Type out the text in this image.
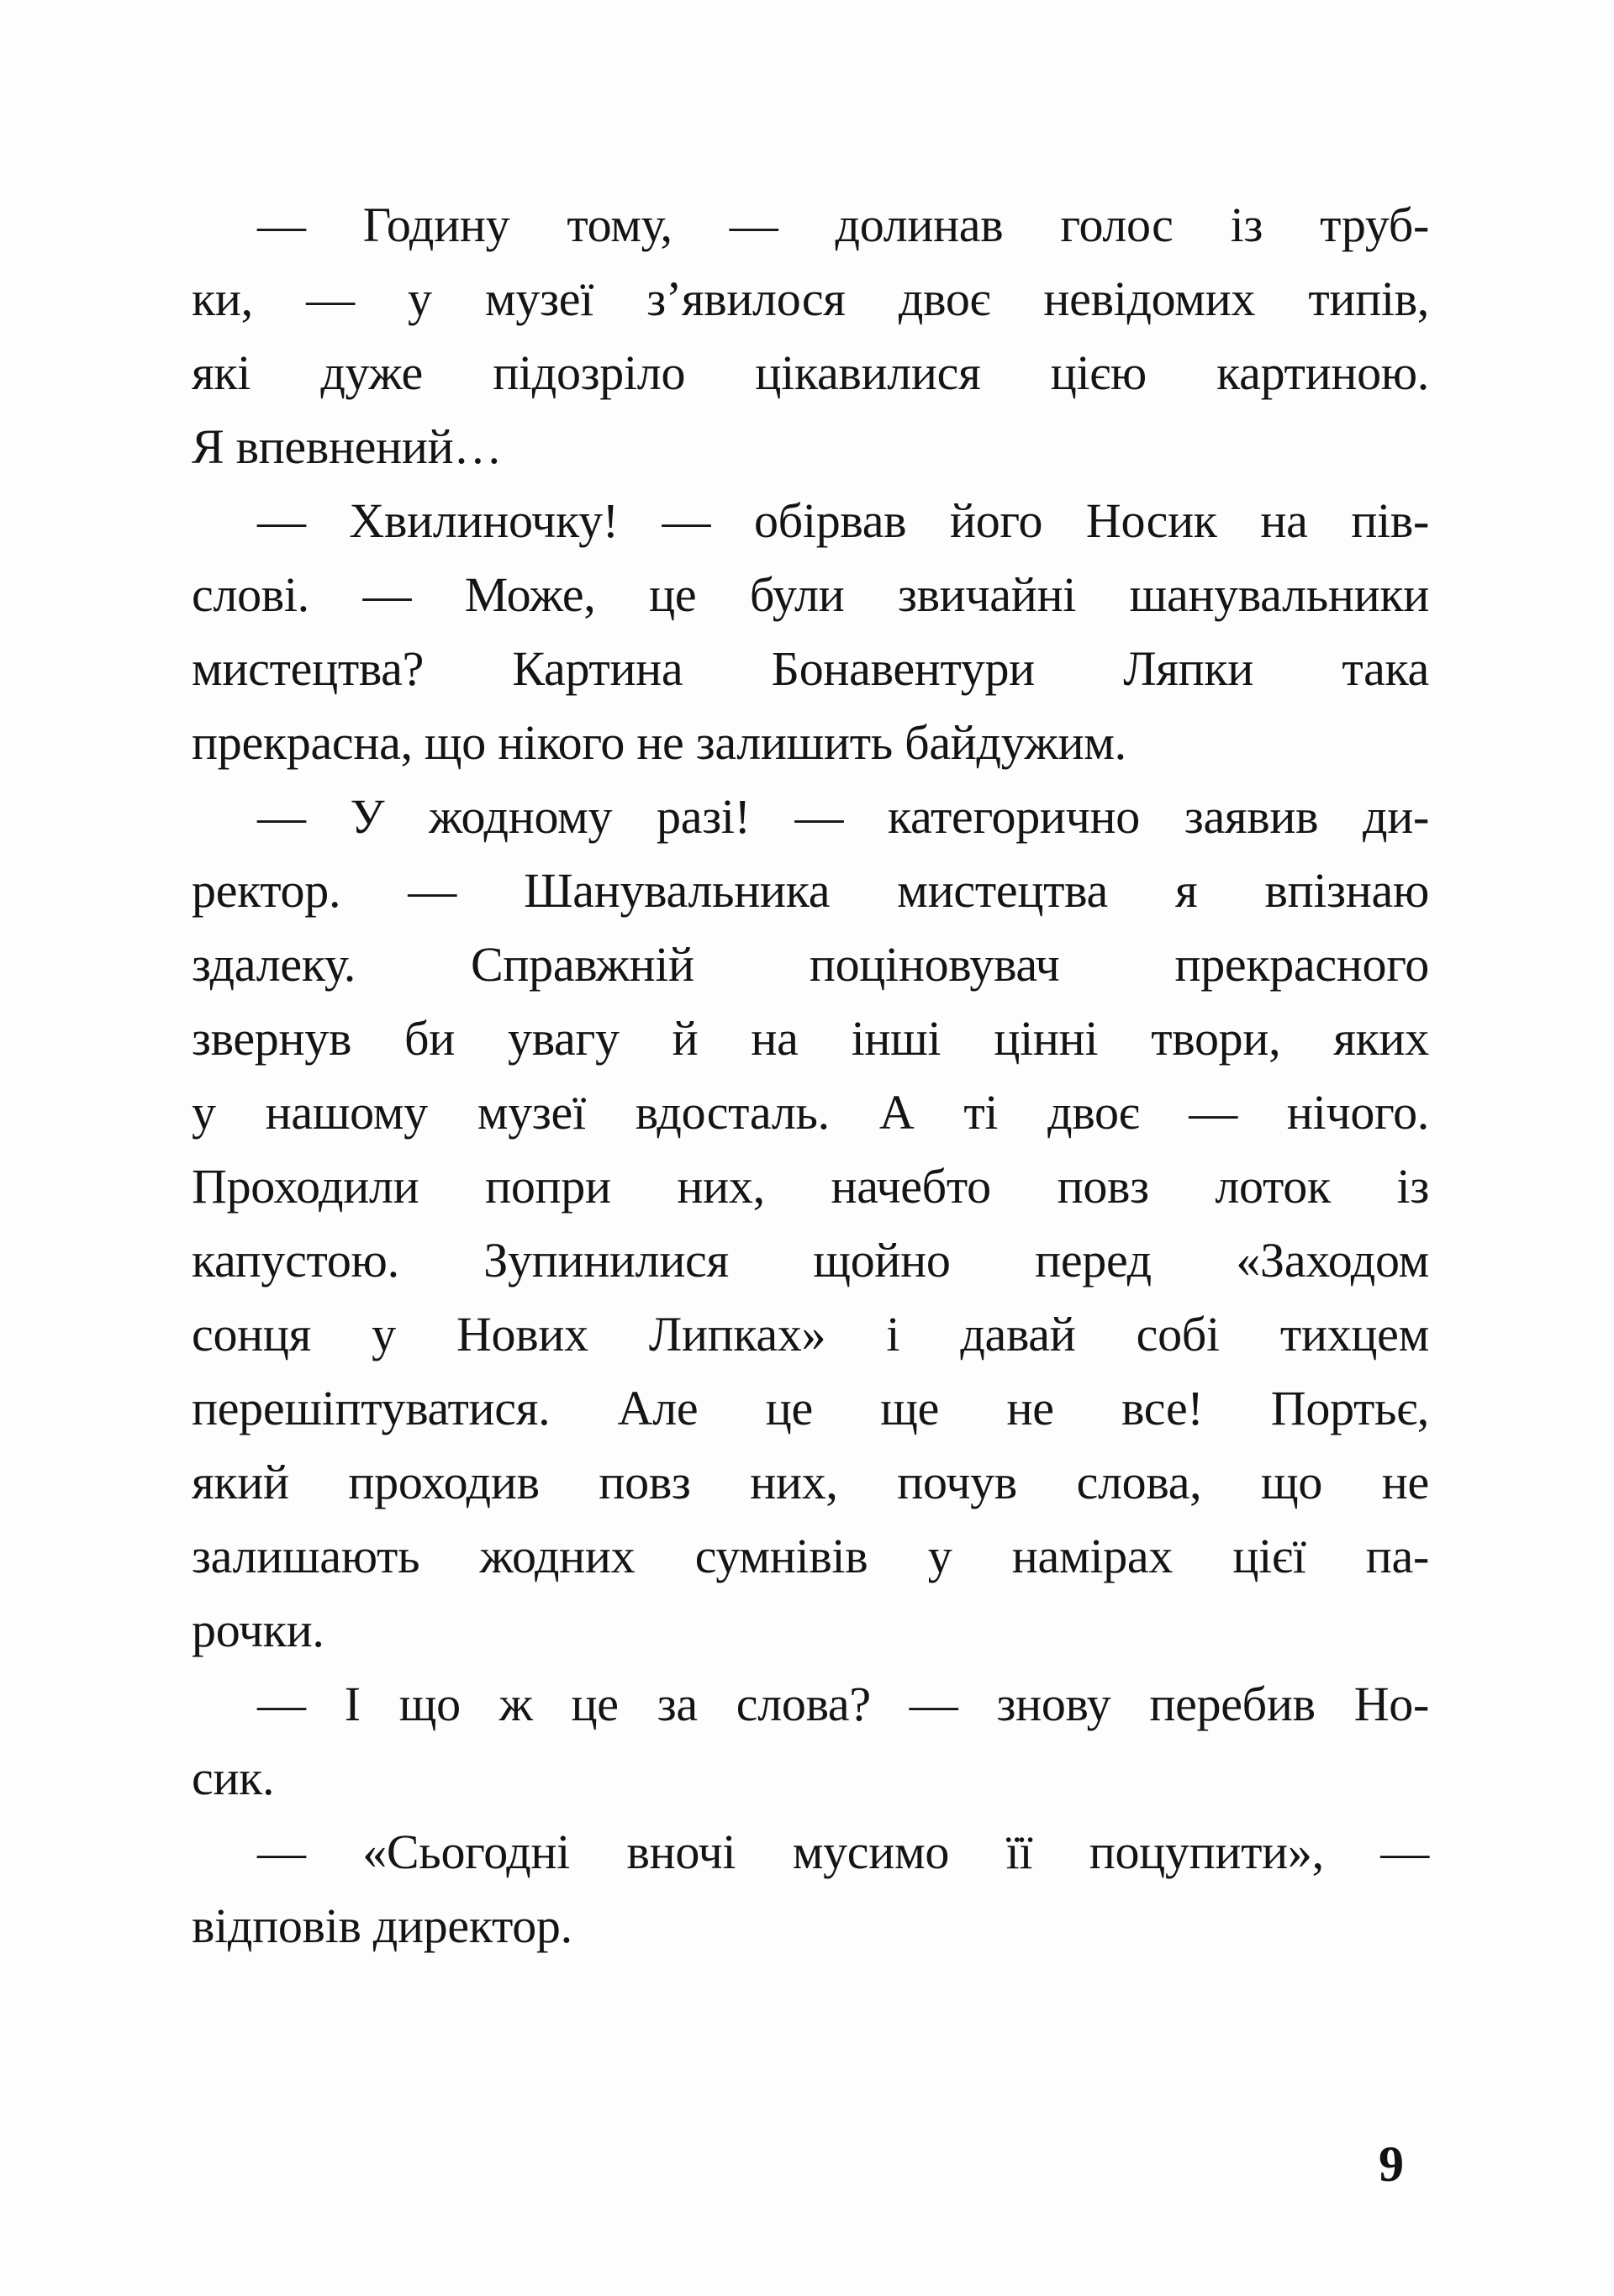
— Годину тому, — долинав голос із труб-
ки, — у музеї з’явилося двоє невідомих типів,
які дуже підозріло цікавилися цією картиною.
Я впевнений…

— Хвилиночку! — обірвав його Носик на пів-
слові. — Може, це були звичайні шанувальники
мистецтва? Картина Бонавентури Ляпки така
прекрасна, що нікого не залишить байдужим.

— У жодному разі! — категорично заявив ди-
ректор. — Шанувальника мистецтва я впізнаю
здалеку. Справжній поціновувач прекрасного
звернув би увагу й на інші цінні твори, яких
у нашому музеї вдосталь. А ті двоє — нічого.
Проходили попри них, начебто повз лоток із
капустою. Зупинилися щойно перед «Заходом
сонця у Нових Липках» і давай собі тихцем
перешіптуватися. Але це ще не все! Портьє,
який проходив повз них, почув слова, що не
залишають жодних сумнівів у намірах цієї па-
рочки.

— І що ж це за слова? — знову перебив Но-
сик.

— «Сьогодні вночі мусимо її поцупити», —
відповів директор.

9
